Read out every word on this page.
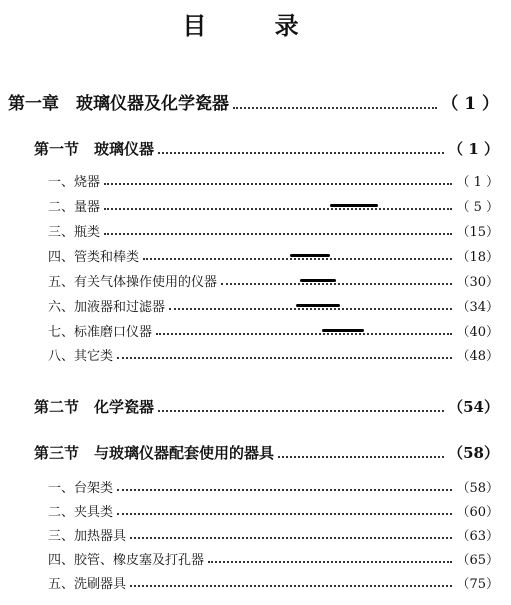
目 录
第一章　玻璃仪器及化学瓷器	（ 1 ）
第一节　玻璃仪器	（ 1 ）
一、烧器	（ 1 ）
二、量器	（ 5 ）
三、瓶类	（15）
四、管类和棒类	（18）
五、有关气体操作使用的仪器	（30）
六、加液器和过滤器	（34）
七、标准磨口仪器	（40）
八、其它类	（48）
第二节　化学瓷器	（54）
第三节　与玻璃仪器配套使用的器具	（58）
一、台架类	（58）
二、夹具类	（60）
三、加热器具	（63）
四、胶管、橡皮塞及打孔器	（65）
五、洗刷器具	（75）
